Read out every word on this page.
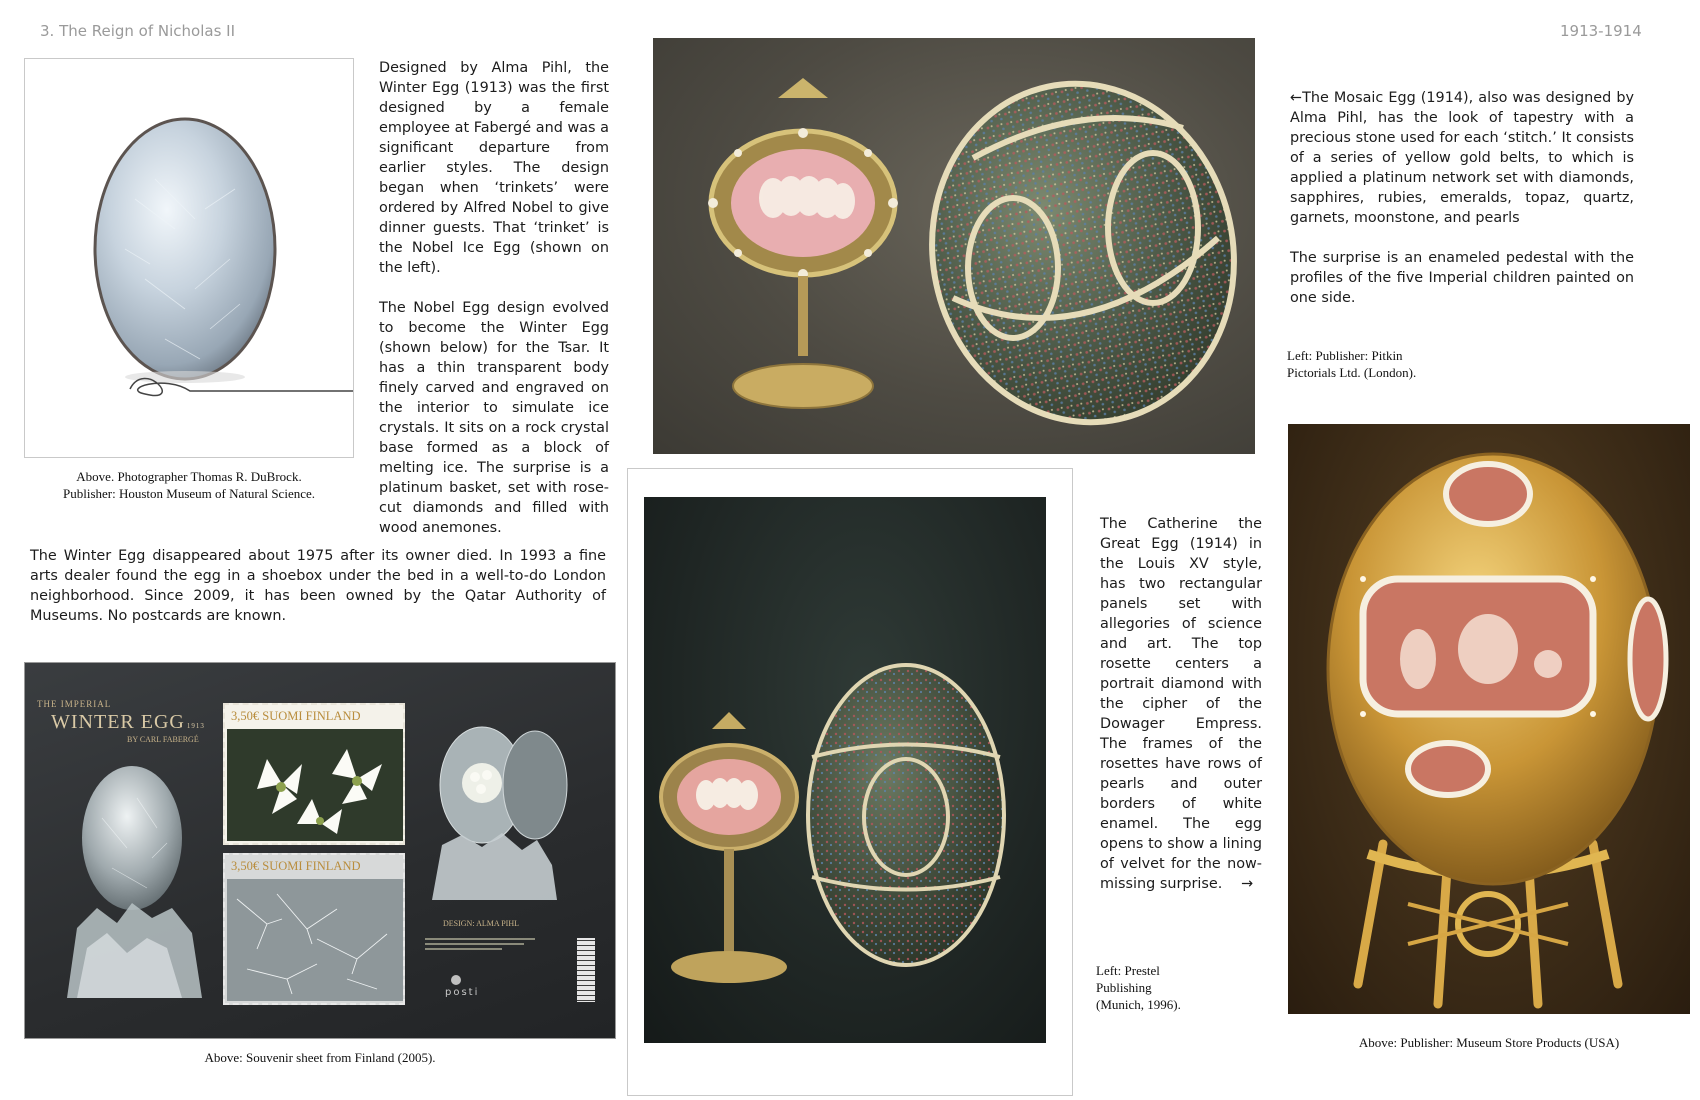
3. The Reign of Nicholas II	1913-1914
Above. Photographer Thomas R. DuBrock.
Publisher: Houston Museum of Natural Science.

Designed by Alma Pihl, the Winter Egg (1913) was the first designed by a female employee at Fabergé and was a significant departure from earlier styles. The design began when ‘trinkets’ were ordered by Alfred Nobel to give dinner guests. That ‘trinket’ is the Nobel Ice Egg (shown on the left).

The Nobel Egg design evolved to become the Winter Egg (shown below) for the Tsar. It has a thin transparent body finely carved and engraved on the interior to simulate ice crystals. It sits on a rock crystal base formed as a block of melting ice. The surprise is a platinum basket, set with rose-cut diamonds and filled with wood anemones.

The Winter Egg disappeared about 1975 after its owner died. In 1993 a fine arts dealer found the egg in a shoebox under the bed in a well-to-do London neighborhood. Since 2009, it has been owned by the Qatar Authority of Museums. No postcards are known.
THE IMPERIAL
WINTER EGG 1913
BY CARL FABERGÉ
3,50€ SUOMI FINLAND
3,50€ SUOMI FINLAND
DESIGN: ALMA PIHL
posti
Above: Souvenir sheet from Finland (2005).

←The Mosaic Egg (1914), also was designed by Alma Pihl, has the look of tapestry with a precious stone used for each ‘stitch.’ It consists of a series of yellow gold belts, to which is applied a platinum network set with diamonds, sapphires, rubies, emeralds, topaz, quartz, garnets, moonstone, and pearls

The surprise is an enameled pedestal with the profiles of the five Imperial children painted on one side.

Left: Publisher: Pitkin
Pictorials Ltd. (London).
The Catherine the Great Egg (1914) in the Louis XV style, has two rectangular panels set with allegories of science and art. The top rosette centers a portrait diamond with the cipher of the Dowager Empress. The frames of the rosettes have rows of pearls and outer borders of white enamel. The egg opens to show a lining of velvet for the now-missing surprise. →
Left: Prestel
Publishing
(Munich, 1996).
Above: Publisher: Museum Store Products (USA)
